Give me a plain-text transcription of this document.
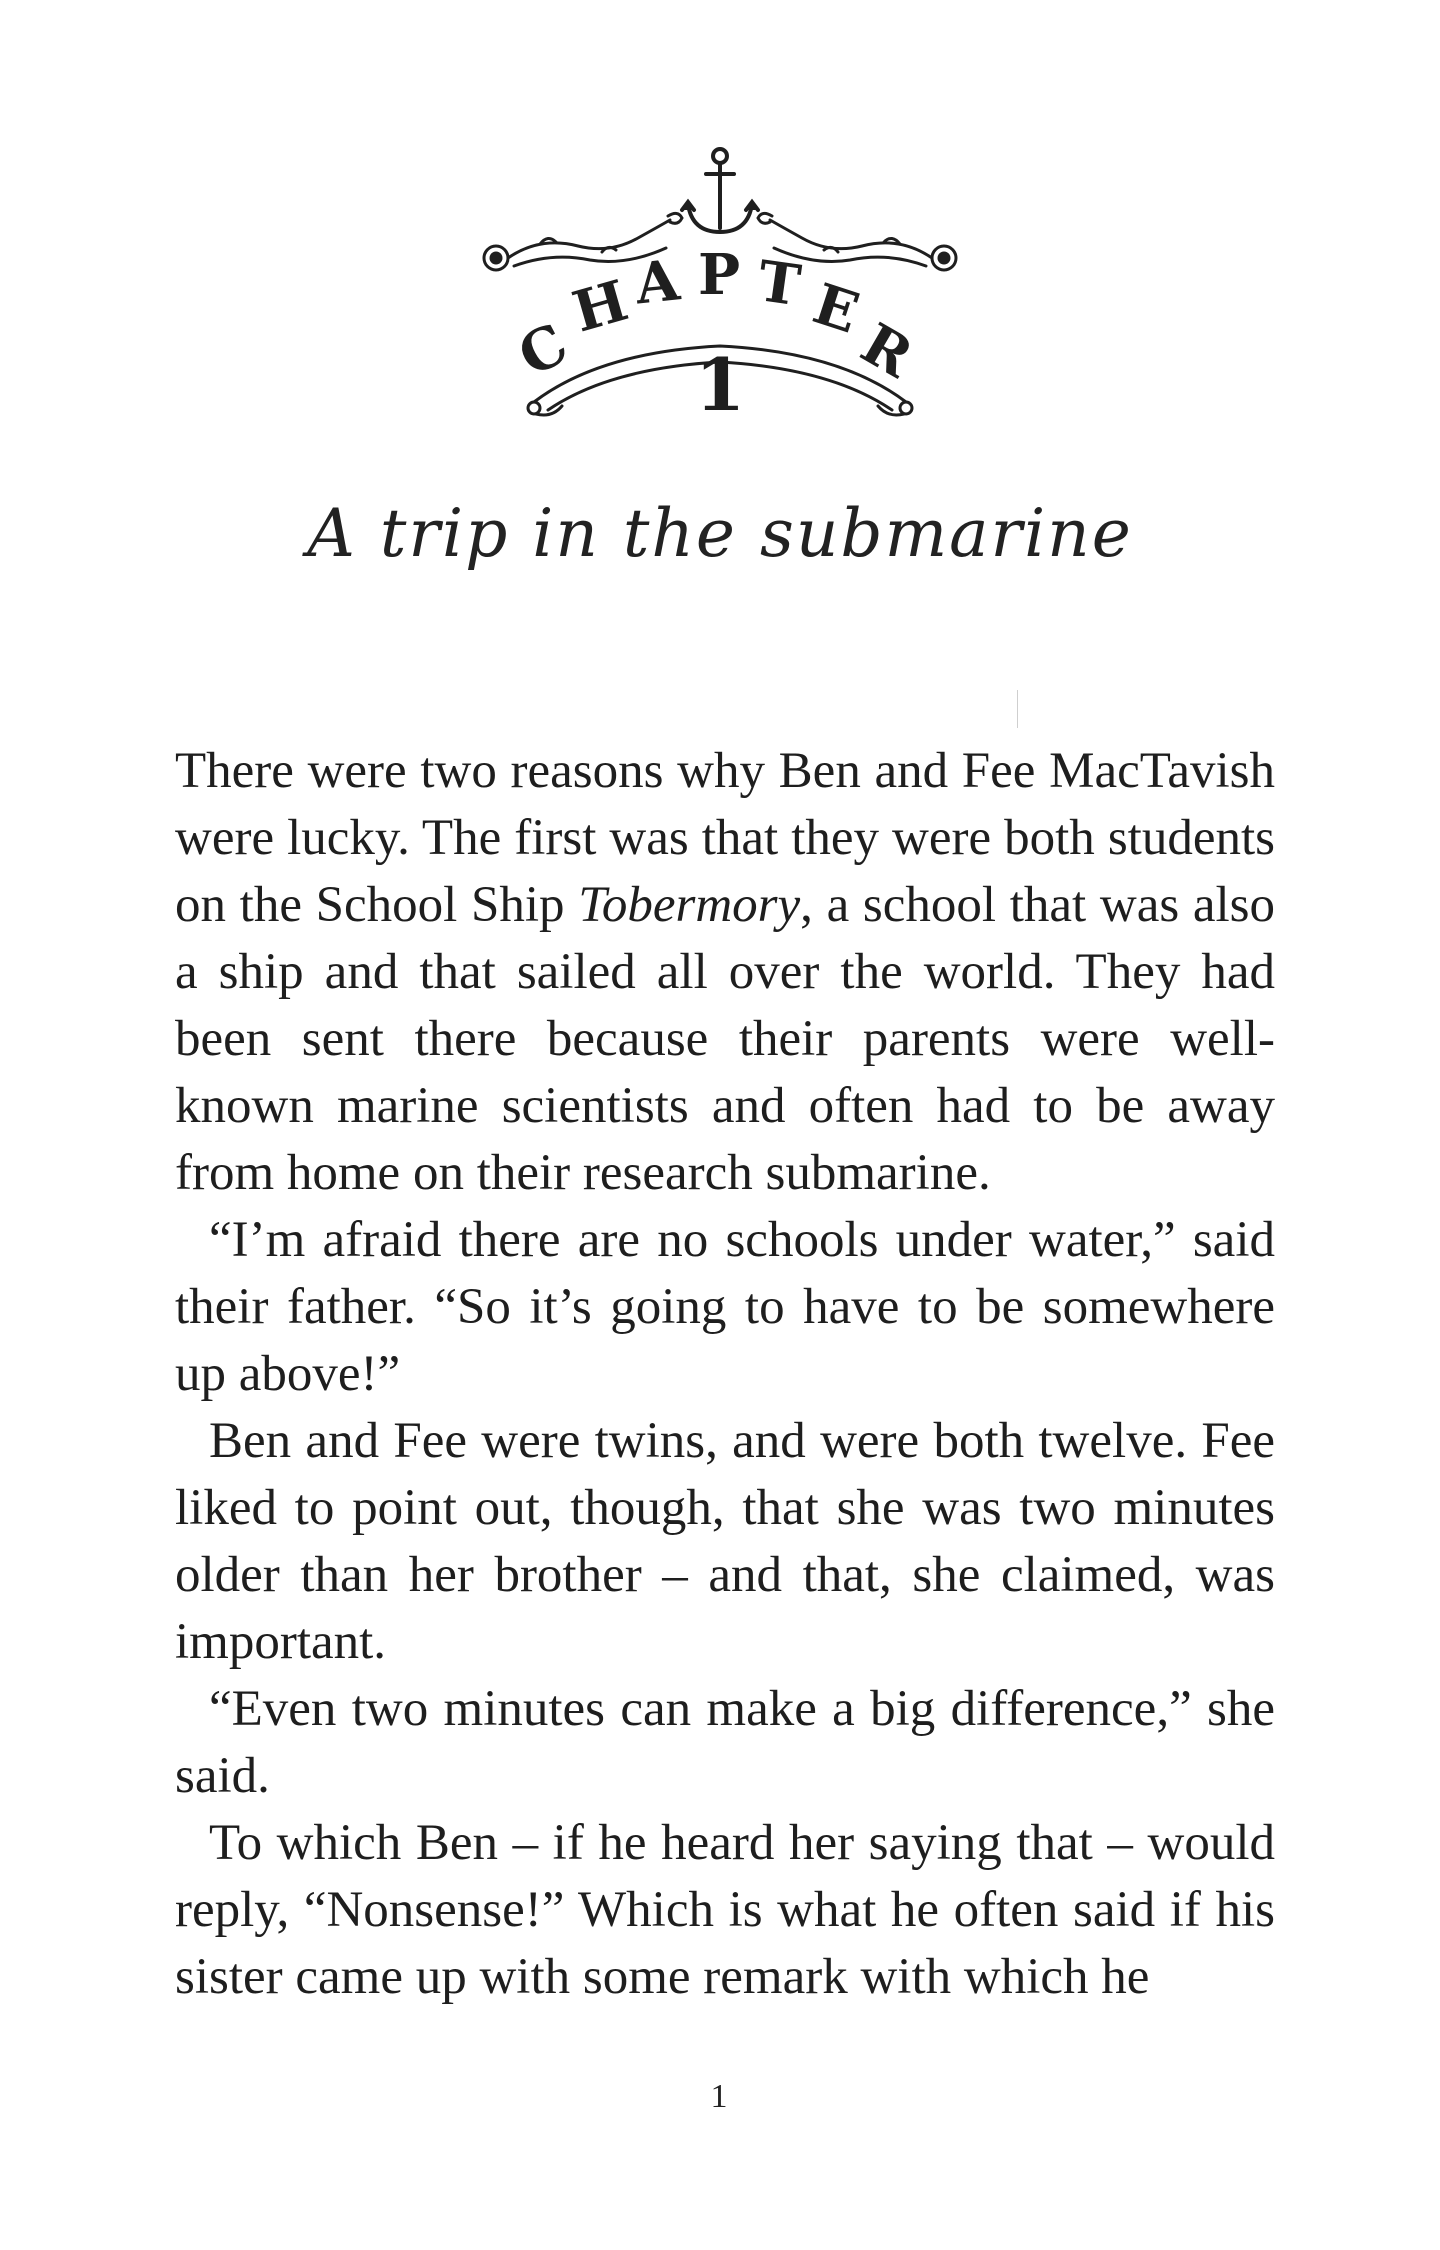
C
H
A P T E
R
1
A trip in the submarine

There were two reasons why Ben and Fee MacTavish were lucky. The first was that they were both students on the School Ship Tobermory, a school that was also a ship and that sailed all over the world. They had been sent there because their parents were well-known marine scientists and often had to be away from home on their research submarine.

“I’m afraid there are no schools under water,” said their father. “So it’s going to have to be somewhere up above!”

Ben and Fee were twins, and were both twelve. Fee liked to point out, though, that she was two minutes older than her brother – and that, she claimed, was important.

“Even two minutes can make a big difference,” she said.

To which Ben – if he heard her saying that – would reply, “Nonsense!” Which is what he often said if his sister came up with some remark with which he

1
